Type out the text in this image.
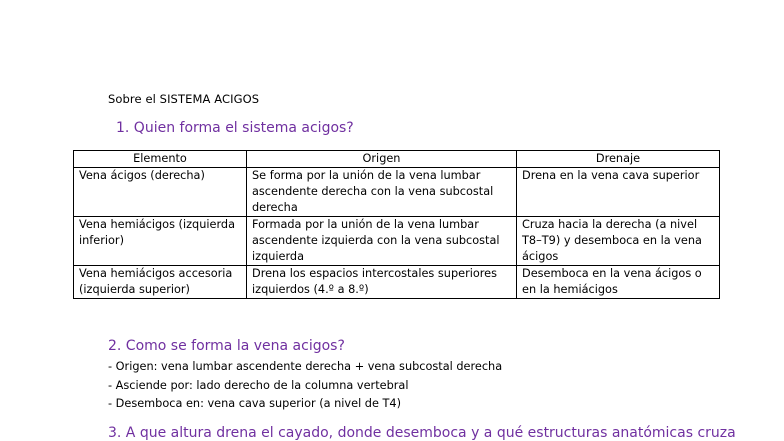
Sobre el SISTEMA ACIGOS
1. Quien forma el sistema acigos?
Elemento	Origen	Drenaje
Vena ácigos (derecha)	Se forma por la unión de la vena lumbar ascendente derecha con la vena subcostal derecha	Drena en la vena cava superior
Vena hemiácigos (izquierda inferior)	Formada por la unión de la vena lumbar ascendente izquierda con la vena subcostal izquierda	Cruza hacia la derecha (a nivel T8–T9) y desemboca en la vena ácigos
Vena hemiácigos accesoria (izquierda superior)	Drena los espacios intercostales superiores izquierdos (4.º a 8.º)	Desemboca en la vena ácigos o en la hemiácigos
2. Como se forma la vena acigos?
- Origen: vena lumbar ascendente derecha + vena subcostal derecha
- Asciende por: lado derecho de la columna vertebral
- Desemboca en: vena cava superior (a nivel de T4)
3. A que altura drena el cayado, donde desemboca y a qué estructuras anatómicas cruza
